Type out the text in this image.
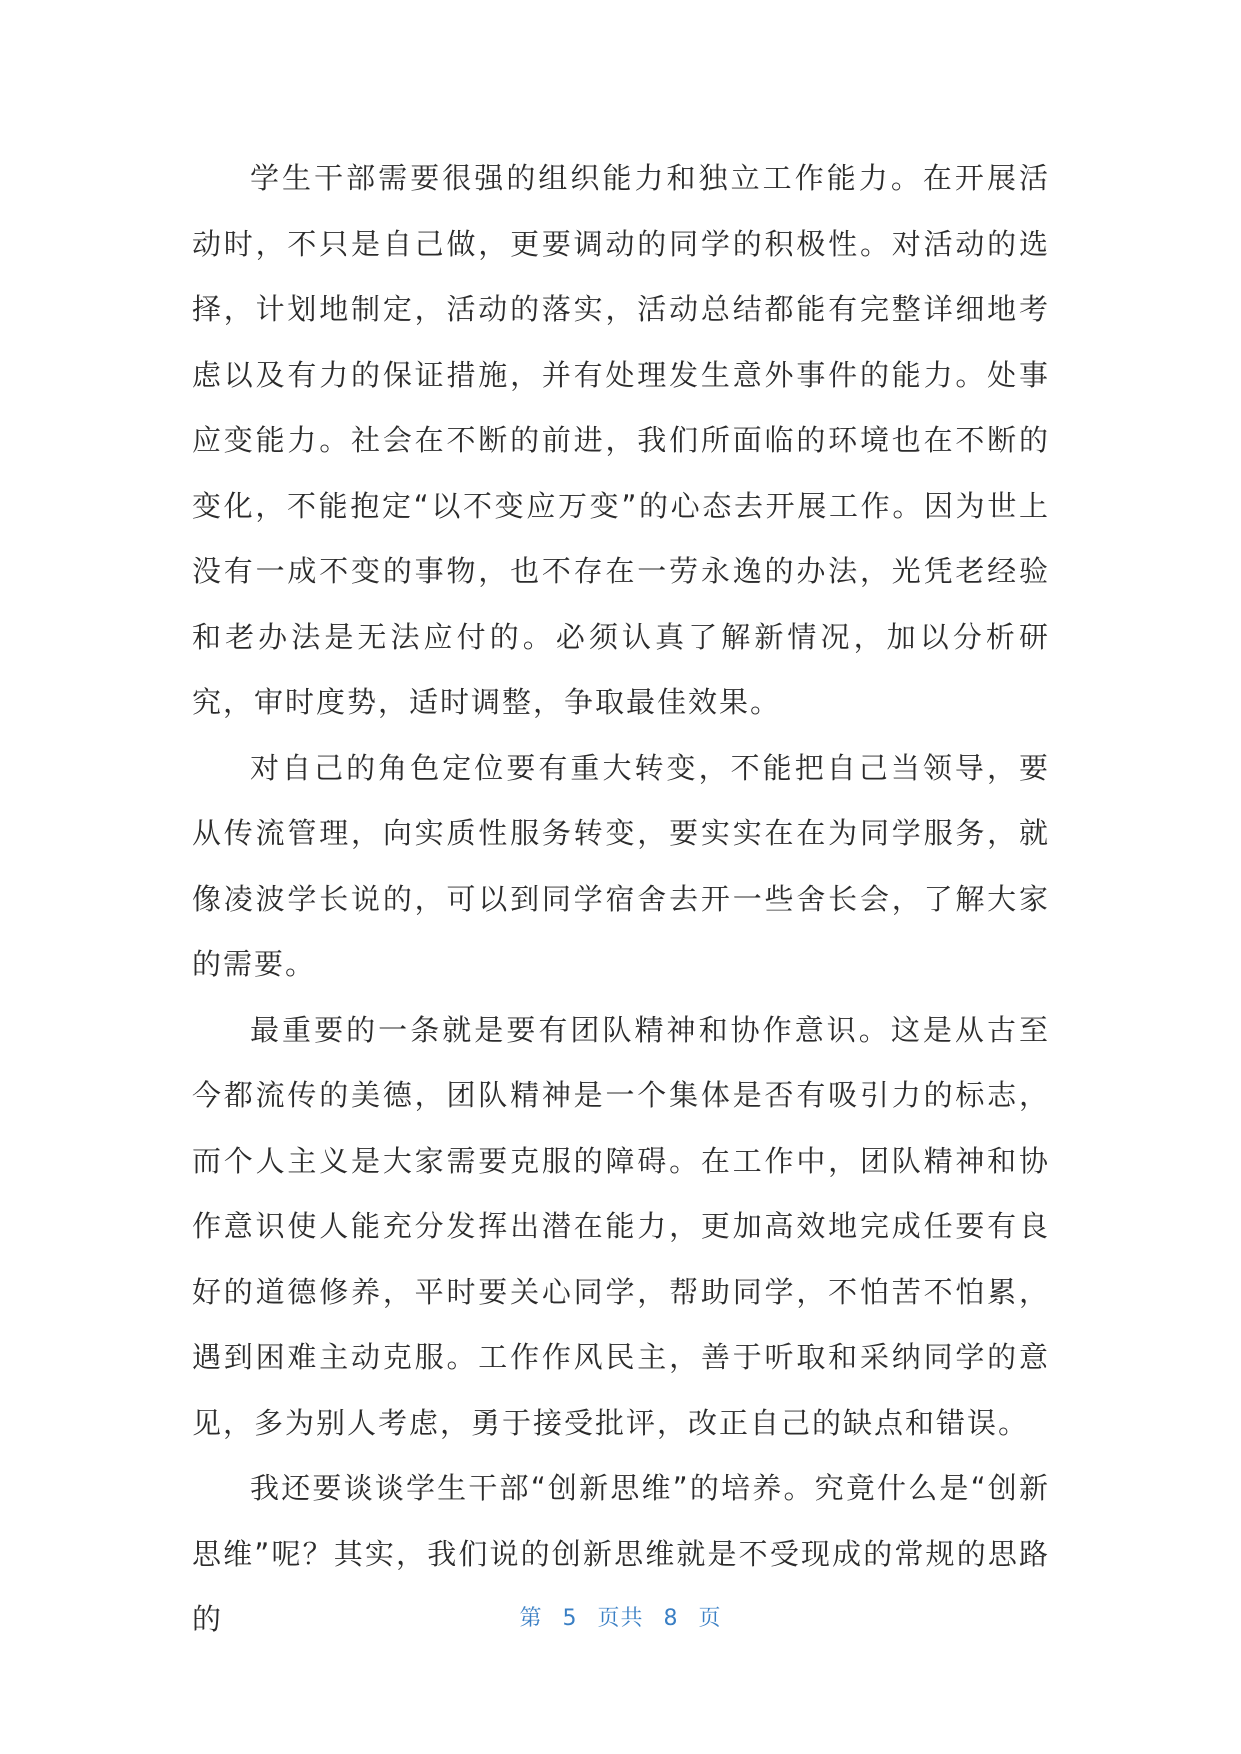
学生干部需要很强的组织能力和独立工作能力。在开展活动时，不只是自己做，更要调动的同学的积极性。对活动的选择，计划地制定，活动的落实，活动总结都能有完整详细地考虑以及有力的保证措施，并有处理发生意外事件的能力。处事应变能力。社会在不断的前进，我们所面临的环境也在不断的变化，不能抱定“以不变应万变”的心态去开展工作。因为世上没有一成不变的事物，也不存在一劳永逸的办法，光凭老经验和老办法是无法应付的。必须认真了解新情况，加以分析研究，审时度势，适时调整，争取最佳效果。

对自己的角色定位要有重大转变，不能把自己当领导，要从传流管理，向实质性服务转变，要实实在在为同学服务，就像凌波学长说的，可以到同学宿舍去开一些舍长会，了解大家的需要。

最重要的一条就是要有团队精神和协作意识。这是从古至今都流传的美德，团队精神是一个集体是否有吸引力的标志，而个人主义是大家需要克服的障碍。在工作中，团队精神和协作意识使人能充分发挥出潜在能力，更加高效地完成任要有良好的道德修养，平时要关心同学，帮助同学，不怕苦不怕累，遇到困难主动克服。工作作风民主，善于听取和采纳同学的意见，多为别人考虑，勇于接受批评，改正自己的缺点和错误。

我还要谈谈学生干部“创新思维”的培养。究竟什么是“创新思维”呢？其实，我们说的创新思维就是不受现成的常规的思路的	第 5 页共 8 页
